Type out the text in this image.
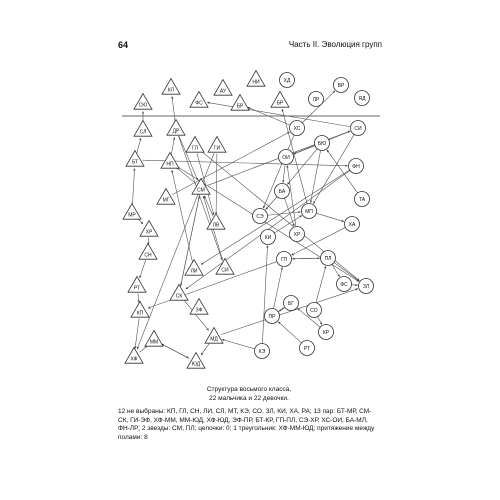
64	Часть II. Эволюция групп
СЮ
КЛ
ФС
АУ
БР
НИ
БР
ХД
ЛР
ВР
ЯД
СЛ	ДР
ГЛ	ГИ
ХС	СИ
БЮ
БТ	НП
ОИ
ФН
СМ
МГ
БА
ТА
МР
ЛВ
СЭ
МП
ХА
ХР	ХР
КИ
СН
ГП	ПЛ
ЛИ	СИ
РТ
ФС	ЗЛ
СК
БГ
КП	ЗФ
ПР
СО
КР
ММ	МД
РТ
КЭ
ХФ
ЮД
Структура восьмого класса,
22 мальчика и 22 девочки.
12 не выбраны: КП, ГЛ, СН, ЛИ, СЛ, МТ, КЭ, СО, ЗЛ, КИ, ХА, РА; 13 пар: БТ-МР, СМ-СК, ГИ-ЭФ, ХФ-ММ, ММ-ЮД, ХФ-ЮД, ЭФ-ПР, БТ-КР, ГП-ПЛ, СЭ-ХР, ХС-ОИ, БА-МЛ, ФН-ЛР; 2 звезды: СМ, ПЛ; цепочки: 0; 1 треугольник: ХФ-ММ-ЮД; притяжение между полами: 8
